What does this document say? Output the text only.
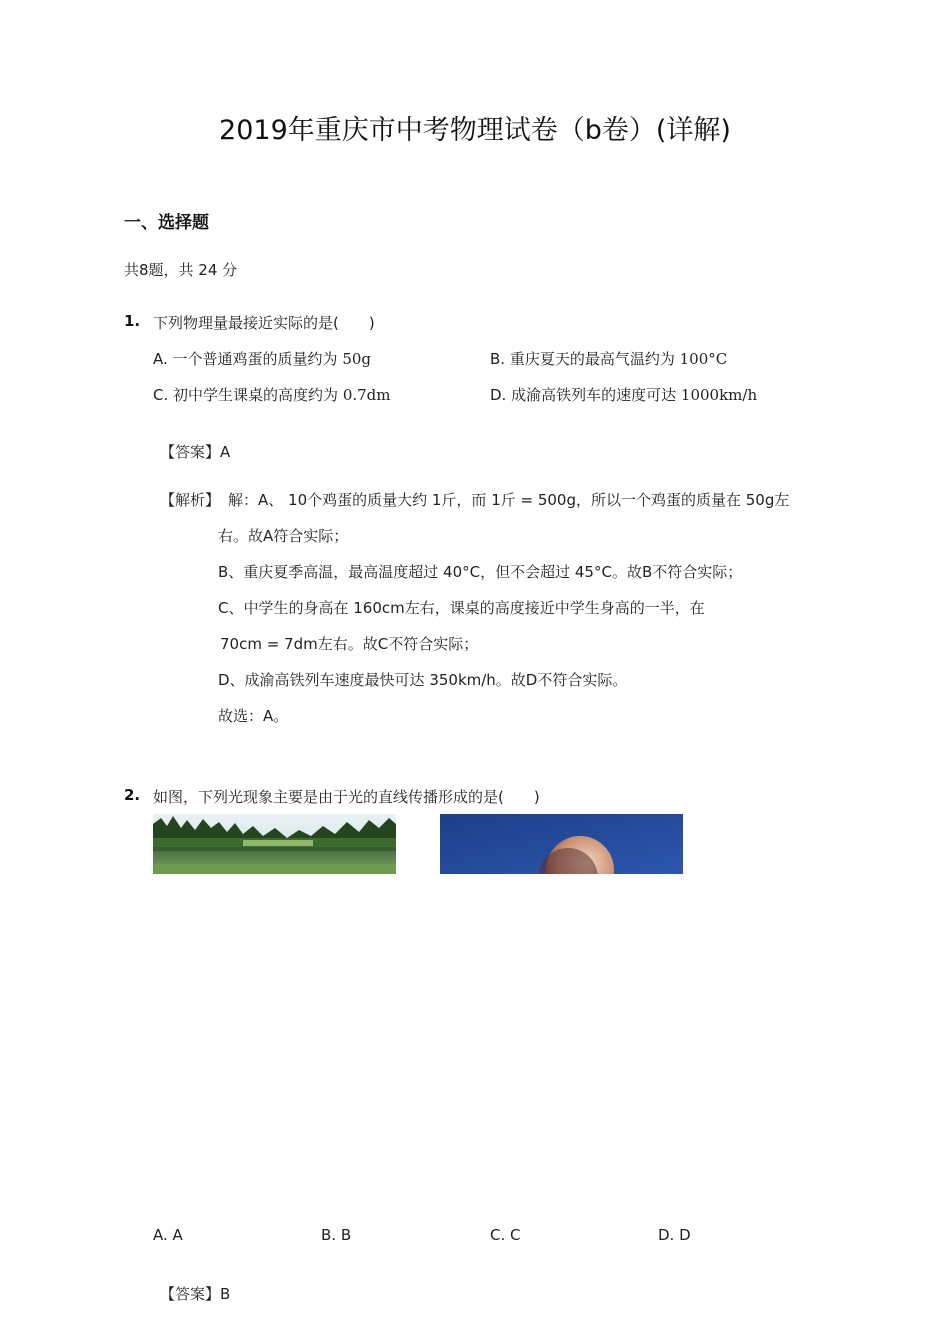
2019年重庆市中考物理试卷（b卷）(详解)
一、选择题
共8题，共 24 分
1. 下列物理量最接近实际的是(　　)
A. 一个普通鸡蛋的质量约为 50g	B. 重庆夏天的最高气温约为 100°C
C. 初中学生课桌的高度约为 0.7dm	D. 成渝高铁列车的速度可达 1000km/h
【答案】A
【解析】 解：A、 10个鸡蛋的质量大约 1斤，而 1斤 = 500g，所以一个鸡蛋的质量在 50g左
右。故A符合实际；
B、重庆夏季高温，最高温度超过 40°C，但不会超过 45°C。故B不符合实际；
C、中学生的身高在 160cm左右，课桌的高度接近中学生身高的一半，在
70cm = 7dm左右。故C不符合实际；
D、成渝高铁列车速度最快可达 350km/h。故D不符合实际。
故选：A。
2. 如图，下列光现象主要是由于光的直线传播形成的是(　　)
A. A	B. B	C. C	D. D
【答案】B
